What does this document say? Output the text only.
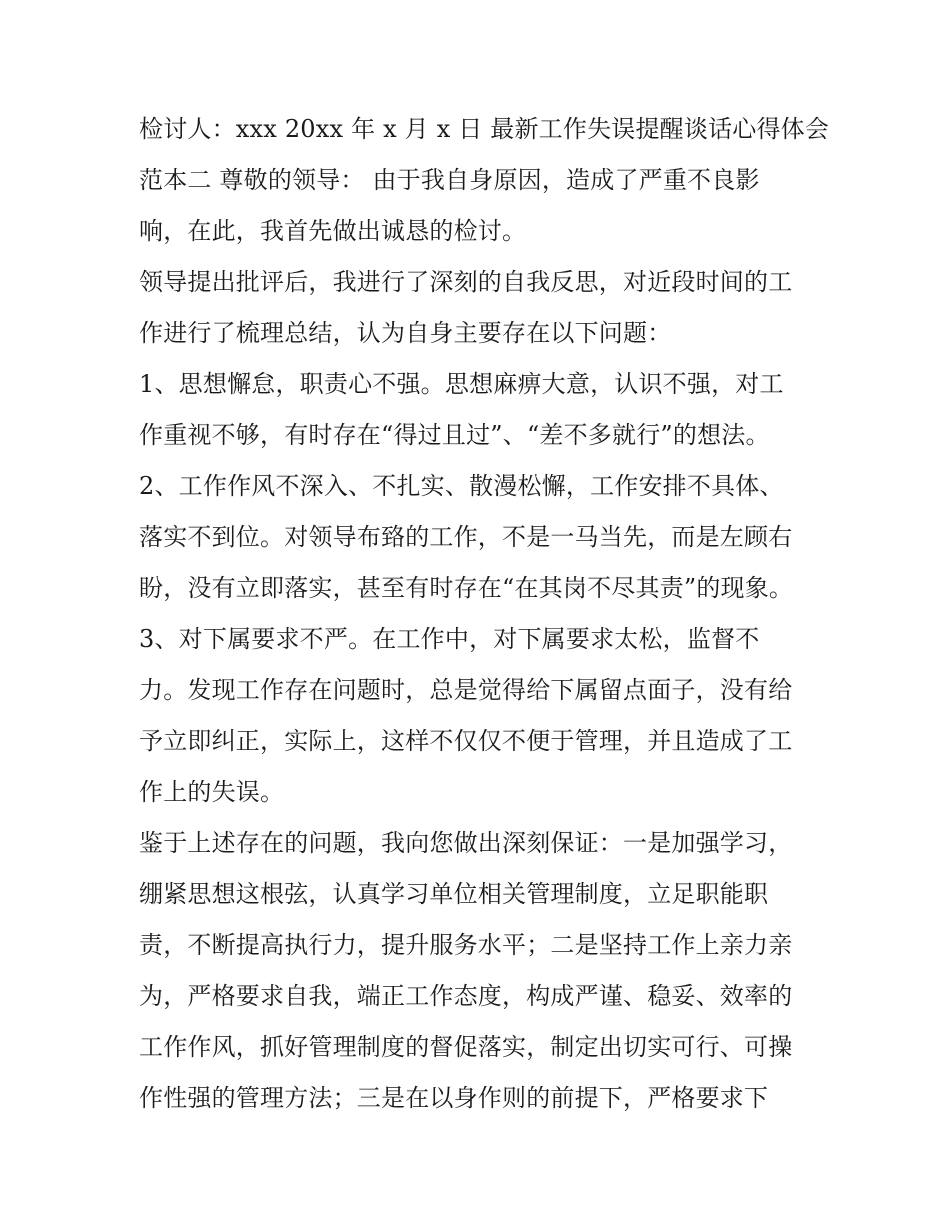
检讨人：xxx 20xx 年 x 月 x 日 最新工作失误提醒谈话心得体会
范本二 尊敬的领导： 由于我自身原因，造成了严重不良影
响，在此，我首先做出诚恳的检讨。
领导提出批评后，我进行了深刻的自我反思，对近段时间的工
作进行了梳理总结，认为自身主要存在以下问题：
1、思想懈怠，职责心不强。思想麻痹大意，认识不强，对工
作重视不够，有时存在“得过且过”、“差不多就行”的想法。
2、工作作风不深入、不扎实、散漫松懈，工作安排不具体、
落实不到位。对领导布臵的工作，不是一马当先，而是左顾右
盼，没有立即落实，甚至有时存在“在其岗不尽其责”的现象。
3、对下属要求不严。在工作中，对下属要求太松，监督不
力。发现工作存在问题时，总是觉得给下属留点面子，没有给
予立即纠正，实际上，这样不仅仅不便于管理，并且造成了工
作上的失误。
鉴于上述存在的问题，我向您做出深刻保证：一是加强学习，
绷紧思想这根弦，认真学习单位相关管理制度，立足职能职
责，不断提高执行力，提升服务水平；二是坚持工作上亲力亲
为，严格要求自我，端正工作态度，构成严谨、稳妥、效率的
工作作风，抓好管理制度的督促落实，制定出切实可行、可操
作性强的管理方法；三是在以身作则的前提下，严格要求下
